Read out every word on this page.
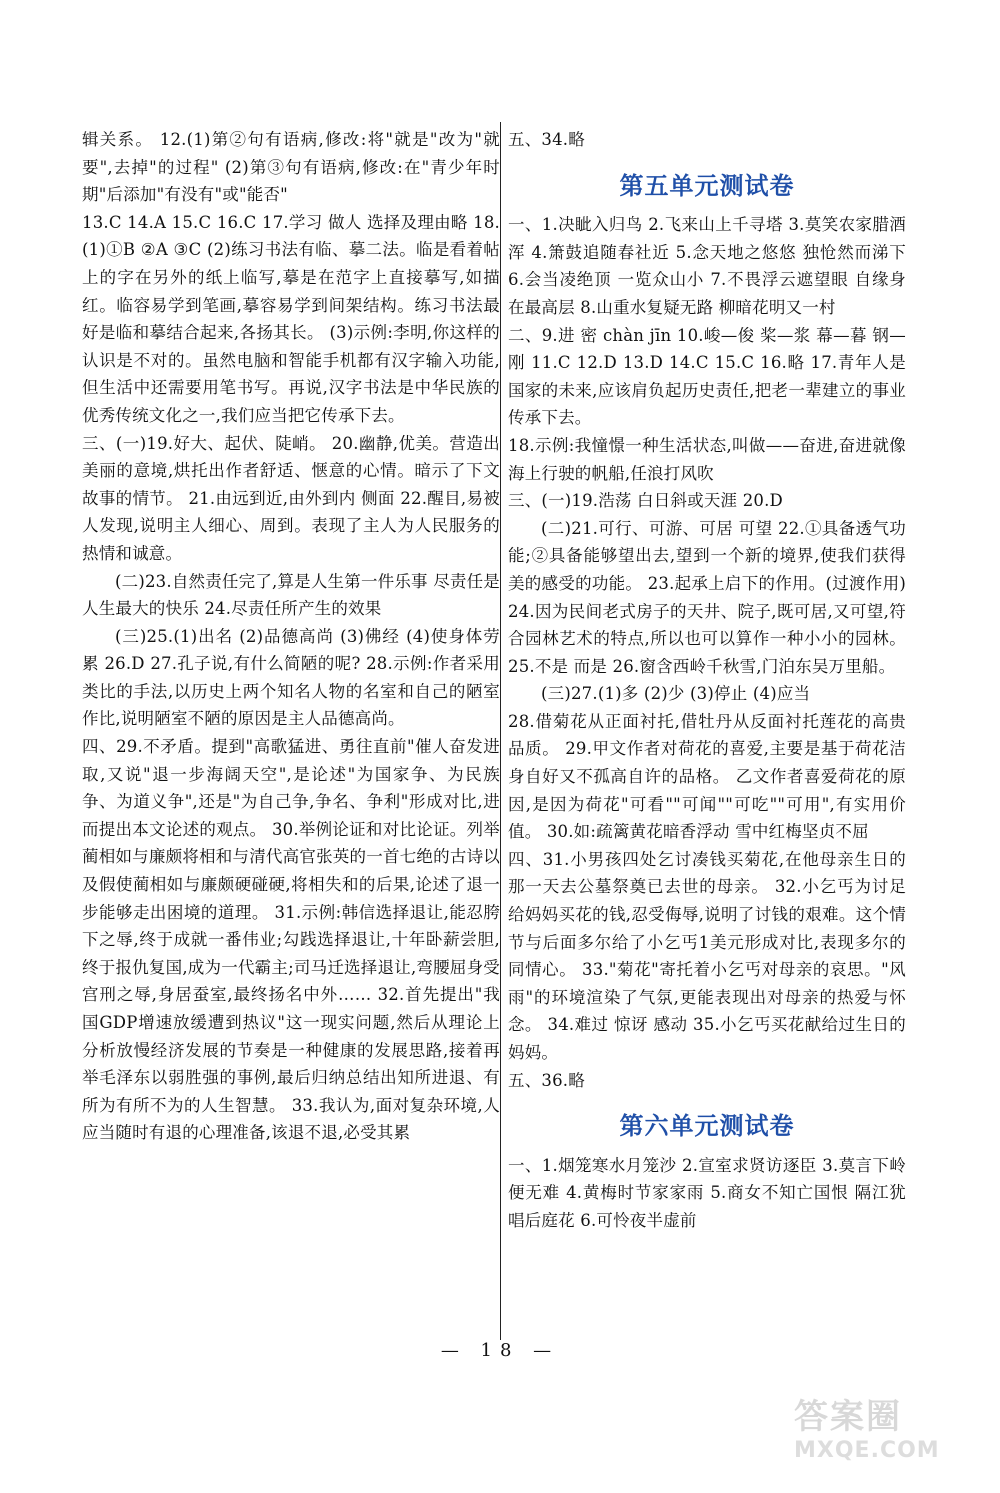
辑关系。 12.(1)第②句有语病,修改:将"就是"改为"就要",去掉"的过程" (2)第③句有语病,修改:在"青少年时期"后添加"有没有"或"能否"

13.C 14.A 15.C 16.C 17.学习 做人 选择及理由略 18.(1)①B ②A ③C (2)练习书法有临、摹二法。临是看着帖上的字在另外的纸上临写,摹是在范字上直接摹写,如描红。临容易学到笔画,摹容易学到间架结构。练习书法最好是临和摹结合起来,各扬其长。 (3)示例:李明,你这样的认识是不对的。虽然电脑和智能手机都有汉字输入功能,但生活中还需要用笔书写。再说,汉字书法是中华民族的优秀传统文化之一,我们应当把它传承下去。

三、(一)19.好大、起伏、陡峭。 20.幽静,优美。营造出美丽的意境,烘托出作者舒适、惬意的心情。暗示了下文故事的情节。 21.由远到近,由外到内 侧面 22.醒目,易被人发现,说明主人细心、周到。表现了主人为人民服务的热情和诚意。

(二)23.自然责任完了,算是人生第一件乐事 尽责任是人生最大的快乐 24.尽责任所产生的效果

(三)25.(1)出名 (2)品德高尚 (3)佛经 (4)使身体劳累 26.D 27.孔子说,有什么简陋的呢? 28.示例:作者采用类比的手法,以历史上两个知名人物的名室和自己的陋室作比,说明陋室不陋的原因是主人品德高尚。

四、29.不矛盾。提到"高歌猛进、勇往直前"催人奋发进取,又说"退一步海阔天空",是论述"为国家争、为民族争、为道义争",还是"为自己争,争名、争利"形成对比,进而提出本文论述的观点。 30.举例论证和对比论证。列举蔺相如与廉颇将相和与清代高官张英的一首七绝的古诗以及假使蔺相如与廉颇硬碰硬,将相失和的后果,论述了退一步能够走出困境的道理。 31.示例:韩信选择退让,能忍胯下之辱,终于成就一番伟业;勾践选择退让,十年卧薪尝胆,终于报仇复国,成为一代霸主;司马迁选择退让,弯腰屈身受宫刑之辱,身居蚕室,最终扬名中外…… 32.首先提出"我国GDP增速放缓遭到热议"这一现实问题,然后从理论上分析放慢经济发展的节奏是一种健康的发展思路,接着再举毛泽东以弱胜强的事例,最后归纳总结出知所进退、有所为有所不为的人生智慧。 33.我认为,面对复杂环境,人应当随时有退的心理准备,该退不退,必受其累

五、34.略

第五单元测试卷

一、1.决眦入归鸟 2.飞来山上千寻塔 3.莫笑农家腊酒浑 4.箫鼓追随春社近 5.念天地之悠悠 独怆然而涕下 6.会当凌绝顶 一览众山小 7.不畏浮云遮望眼 自缘身在最高层 8.山重水复疑无路 柳暗花明又一村

二、9.进 密 chàn jīn 10.峻—俊 桨—浆 幕—暮 钢—刚 11.C 12.D 13.D 14.C 15.C 16.略 17.青年人是国家的未来,应该肩负起历史责任,把老一辈建立的事业传承下去。

18.示例:我憧憬一种生活状态,叫做——奋进,奋进就像海上行驶的帆船,任浪打风吹

三、(一)19.浩荡 白日斜或天涯 20.D

(二)21.可行、可游、可居 可望 22.①具备透气功能;②具备能够望出去,望到一个新的境界,使我们获得美的感受的功能。 23.起承上启下的作用。(过渡作用) 24.因为民间老式房子的天井、院子,既可居,又可望,符合园林艺术的特点,所以也可以算作一种小小的园林。 25.不是 而是 26.窗含西岭千秋雪,门泊东吴万里船。

(三)27.(1)多 (2)少 (3)停止 (4)应当

28.借菊花从正面衬托,借牡丹从反面衬托莲花的高贵品质。 29.甲文作者对荷花的喜爱,主要是基于荷花洁身自好又不孤高自许的品格。 乙文作者喜爱荷花的原因,是因为荷花"可看""可闻""可吃""可用",有实用价值。 30.如:疏篱黄花暗香浮动 雪中红梅坚贞不屈

四、31.小男孩四处乞讨凑钱买菊花,在他母亲生日的那一天去公墓祭奠已去世的母亲。 32.小乞丐为讨足给妈妈买花的钱,忍受侮辱,说明了讨钱的艰难。这个情节与后面多尔给了小乞丐1美元形成对比,表现多尔的同情心。 33."菊花"寄托着小乞丐对母亲的哀思。"风雨"的环境渲染了气氛,更能表现出对母亲的热爱与怀念。 34.难过 惊讶 感动 35.小乞丐买花献给过生日的妈妈。

五、36.略

第六单元测试卷

一、1.烟笼寒水月笼沙 2.宣室求贤访逐臣 3.莫言下岭便无难 4.黄梅时节家家雨 5.商女不知亡国恨 隔江犹唱后庭花 6.可怜夜半虚前

— 18 —
答案圈
MXQE.COM
